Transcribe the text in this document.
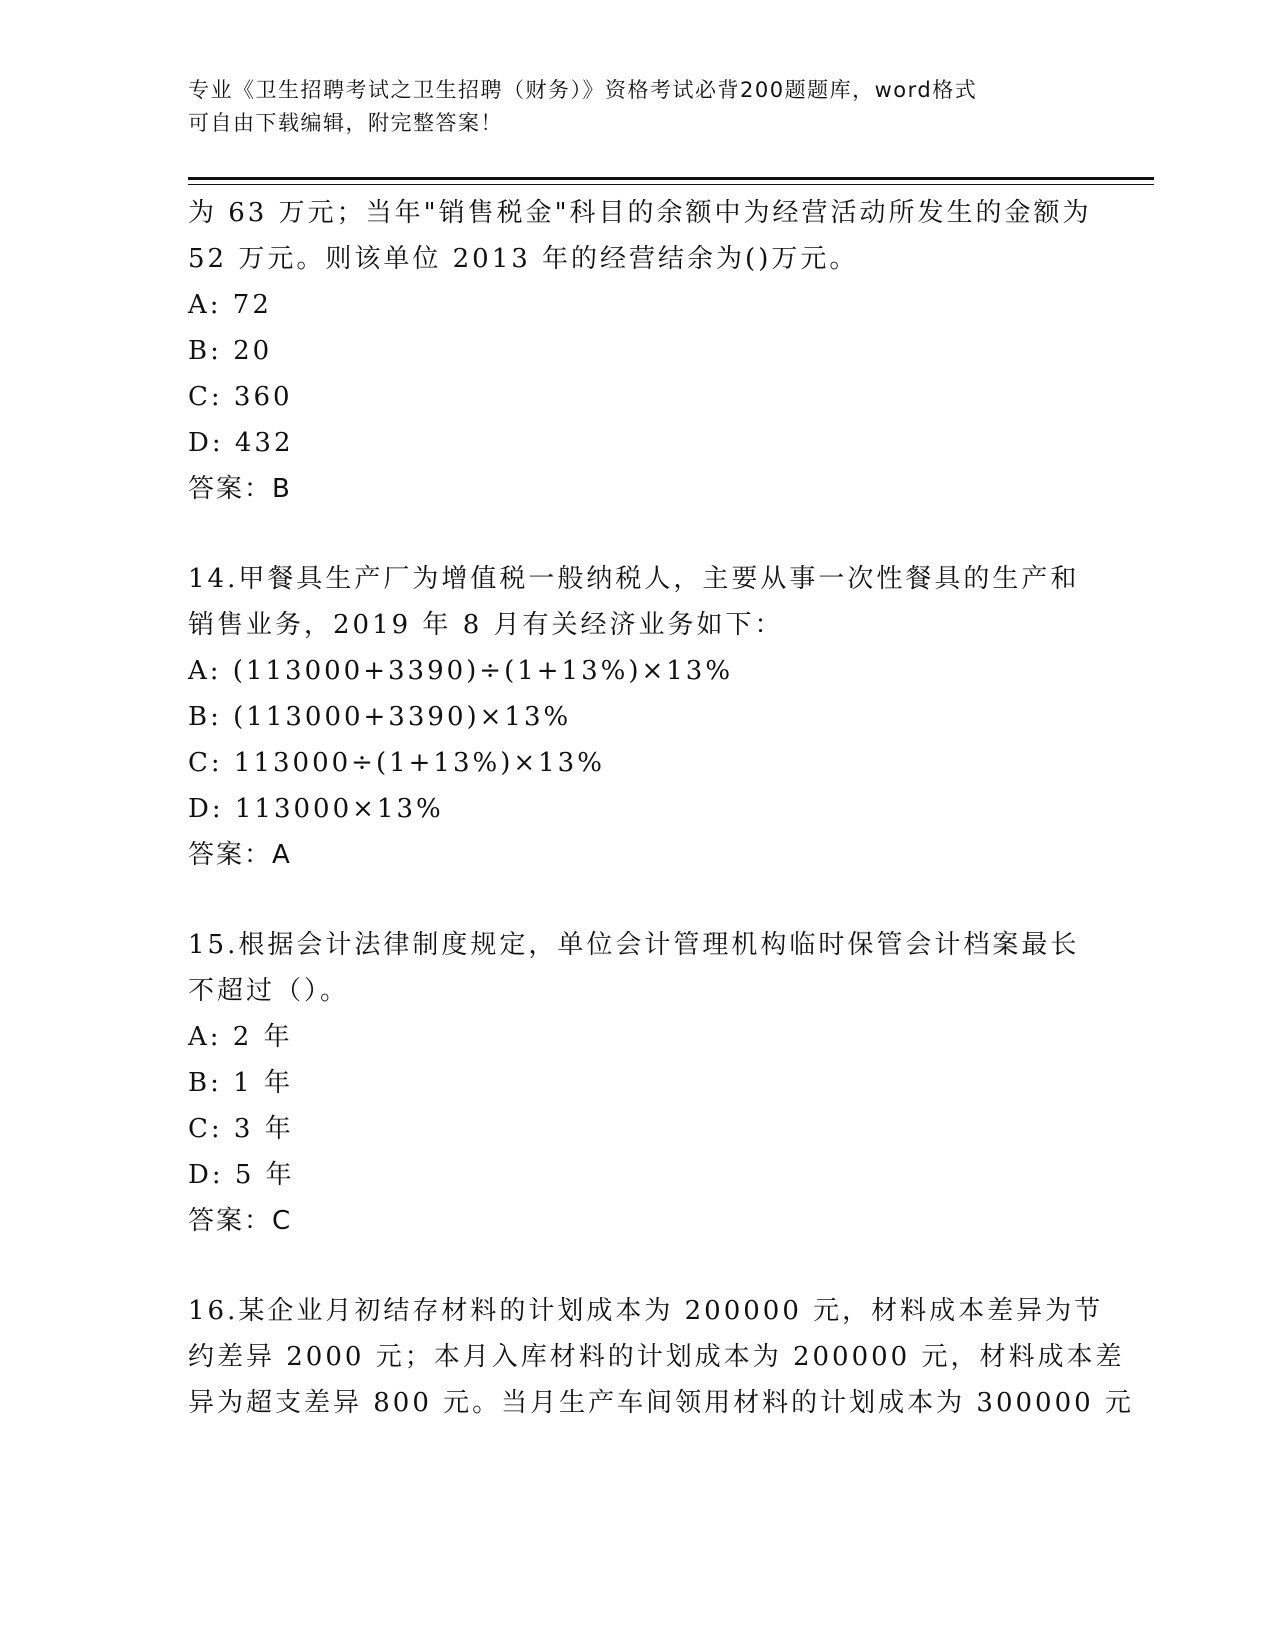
专业《卫生招聘考试之卫生招聘（财务）》资格考试必背200题题库，word格式
可自由下载编辑，附完整答案！
为 63 万元；当年"销售税金"科目的余额中为经营活动所发生的金额为
52 万元。则该单位 2013 年的经营结余为()万元。
A: 72
B: 20
C: 360
D: 432
答案：B
14.甲餐具生产厂为增值税一般纳税人，主要从事一次性餐具的生产和
销售业务，2019 年 8 月有关经济业务如下：
A: (113000+3390)÷(1+13%)×13%
B: (113000+3390)×13%
C: 113000÷(1+13%)×13%
D: 113000×13%
答案：A
15.根据会计法律制度规定，单位会计管理机构临时保管会计档案最长
不超过（）。
A: 2 年
B: 1 年
C: 3 年
D: 5 年
答案：C
16.某企业月初结存材料的计划成本为 200000 元，材料成本差异为节
约差异 2000 元；本月入库材料的计划成本为 200000 元，材料成本差
异为超支差异 800 元。当月生产车间领用材料的计划成本为 300000 元
